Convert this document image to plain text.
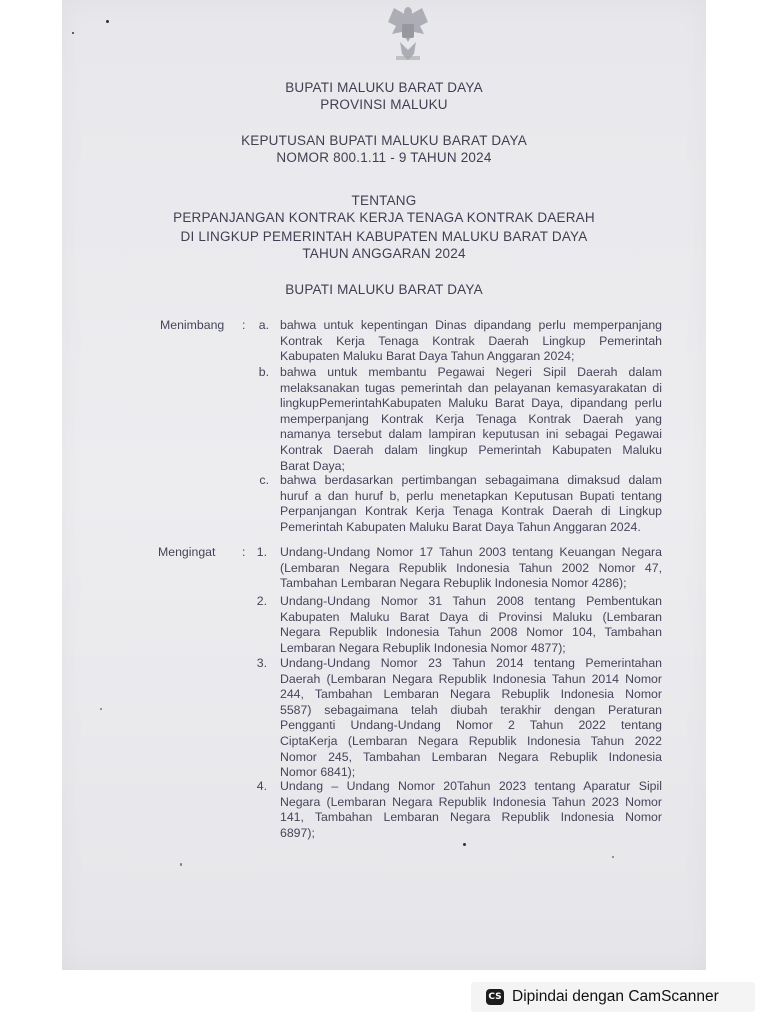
BUPATI MALUKU BARAT DAYA
PROVINSI MALUKU
KEPUTUSAN BUPATI MALUKU BARAT DAYA
NOMOR 800.1.11 - 9 TAHUN 2024
TENTANG
PERPANJANGAN KONTRAK KERJA TENAGA KONTRAK DAERAH
DI LINGKUP PEMERINTAH KABUPATEN MALUKU BARAT DAYA
TAHUN ANGGARAN 2024
BUPATI MALUKU BARAT DAYA
Menimbang :	a. bahwa untuk kepentingan Dinas dipandang perlu memperpanjang
Kontrak Kerja Tenaga Kontrak Daerah Lingkup Pemerintah
Kabupaten Maluku Barat Daya Tahun Anggaran 2024;
b. bahwa untuk membantu Pegawai Negeri Sipil Daerah dalam
melaksanakan tugas pemerintah dan pelayanan kemasyarakatan di
lingkupPemerintahKabupaten Maluku Barat Daya, dipandang perlu
memperpanjang Kontrak Kerja Tenaga Kontrak Daerah yang
namanya tersebut dalam lampiran keputusan ini sebagai Pegawai
Kontrak Daerah dalam lingkup Pemerintah Kabupaten Maluku
Barat Daya;
c. bahwa berdasarkan pertimbangan sebagaimana dimaksud dalam
huruf a dan huruf b, perlu menetapkan Keputusan Bupati tentang
Perpanjangan Kontrak Kerja Tenaga Kontrak Daerah di Lingkup
Pemerintah Kabupaten Maluku Barat Daya Tahun Anggaran 2024.
Mengingat : 1. Undang-Undang Nomor 17 Tahun 2003 tentang Keuangan Negara
(Lembaran Negara Republik Indonesia Tahun 2002 Nomor 47,
Tambahan Lembaran Negara Rebuplik Indonesia Nomor 4286);
2. Undang-Undang Nomor 31 Tahun 2008 tentang Pembentukan
Kabupaten Maluku Barat Daya di Provinsi Maluku (Lembaran
Negara Republik Indonesia Tahun 2008 Nomor 104, Tambahan
Lembaran Negara Rebuplik Indonesia Nomor 4877);
3. Undang-Undang Nomor 23 Tahun 2014 tentang Pemerintahan
Daerah (Lembaran Negara Republik Indonesia Tahun 2014 Nomor
244, Tambahan Lembaran Negara Rebuplik Indonesia Nomor
5587) sebagaimana telah diubah terakhir dengan Peraturan
Pengganti Undang-Undang Nomor 2 Tahun 2022 tentang
CiptaKerja (Lembaran Negara Republik Indonesia Tahun 2022
Nomor 245, Tambahan Lembaran Negara Rebuplik Indonesia
Nomor 6841);
4. Undang – Undang Nomor 20Tahun 2023 tentang Aparatur Sipil
Negara (Lembaran Negara Republik Indonesia Tahun 2023 Nomor
141, Tambahan Lembaran Negara Republik Indonesia Nomor
6897);
CS Dipindai dengan CamScanner
